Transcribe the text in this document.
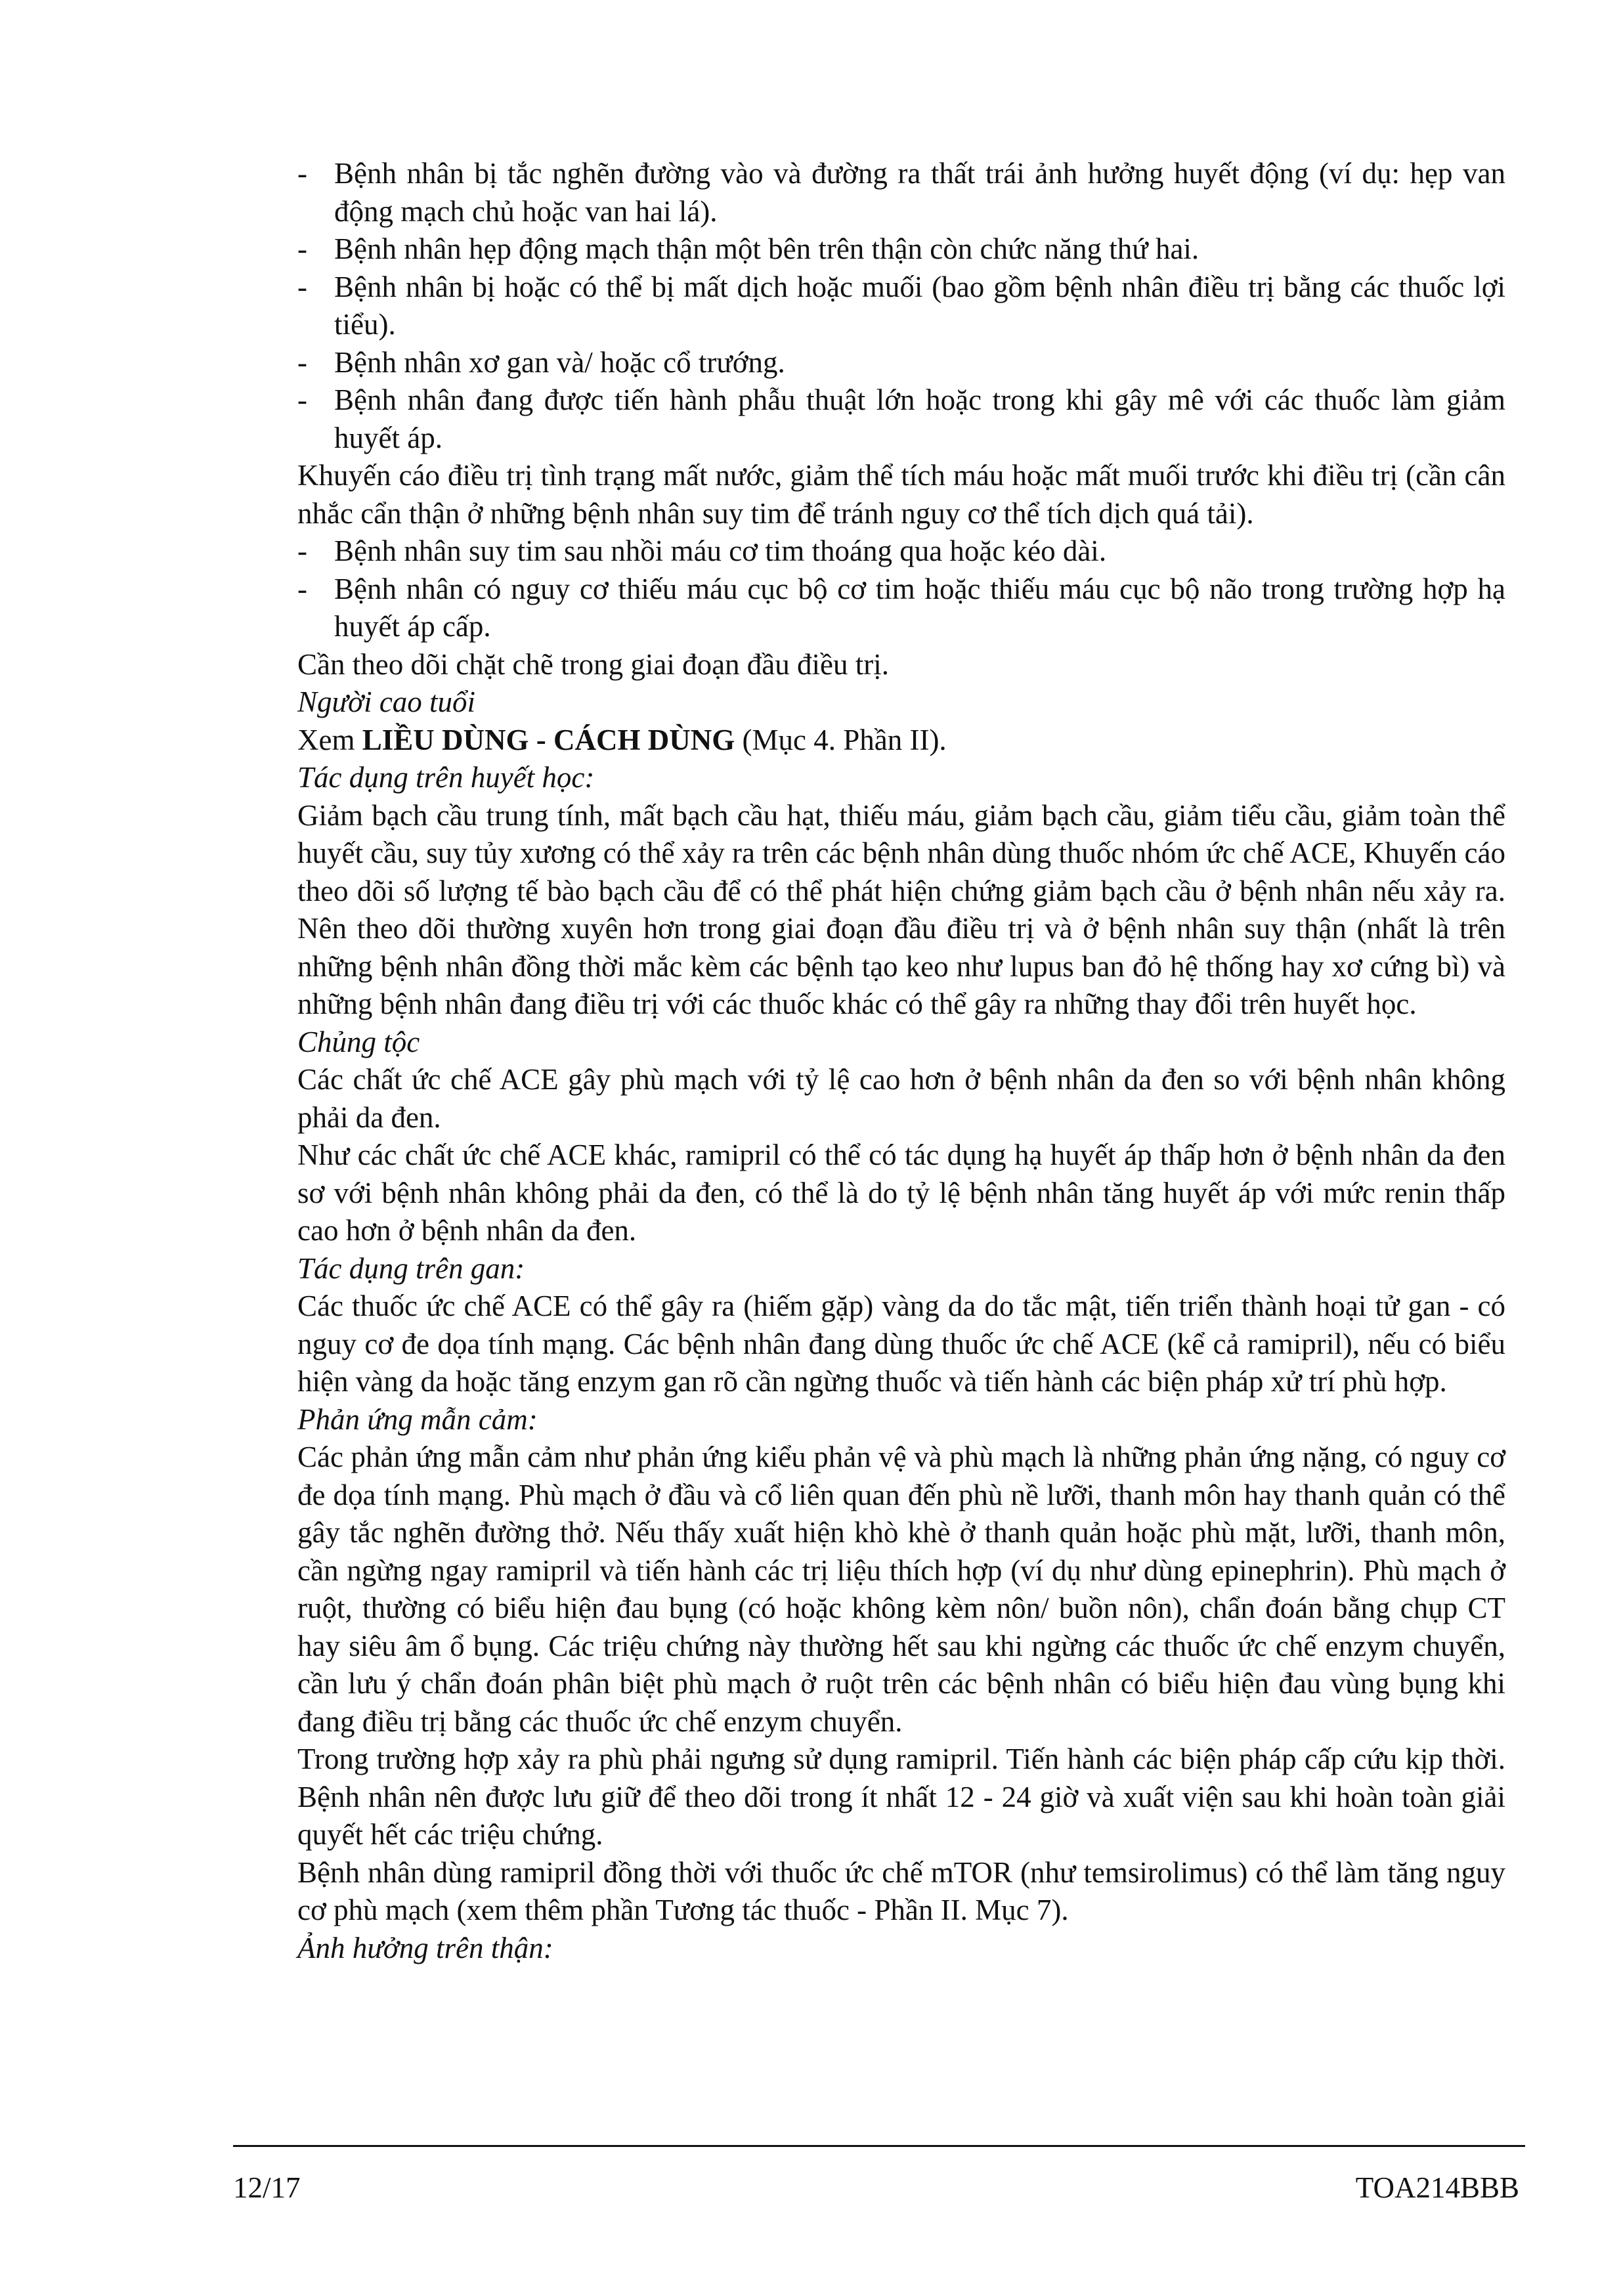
- Bệnh nhân bị tắc nghẽn đường vào và đường ra thất trái ảnh hưởng huyết động (ví dụ: hẹp van động mạch chủ hoặc van hai lá).
- Bệnh nhân hẹp động mạch thận một bên trên thận còn chức năng thứ hai.
- Bệnh nhân bị hoặc có thể bị mất dịch hoặc muối (bao gồm bệnh nhân điều trị bằng các thuốc lợi tiểu).
- Bệnh nhân xơ gan và/ hoặc cổ trướng.
- Bệnh nhân đang được tiến hành phẫu thuật lớn hoặc trong khi gây mê với các thuốc làm giảm huyết áp.

Khuyến cáo điều trị tình trạng mất nước, giảm thể tích máu hoặc mất muối trước khi điều trị (cần cân nhắc cẩn thận ở những bệnh nhân suy tim để tránh nguy cơ thể tích dịch quá tải).

- Bệnh nhân suy tim sau nhồi máu cơ tim thoáng qua hoặc kéo dài.
- Bệnh nhân có nguy cơ thiếu máu cục bộ cơ tim hoặc thiếu máu cục bộ não trong trường hợp hạ huyết áp cấp.

Cần theo dõi chặt chẽ trong giai đoạn đầu điều trị.

Người cao tuổi

Xem LIỀU DÙNG - CÁCH DÙNG (Mục 4. Phần II).

Tác dụng trên huyết học:

Giảm bạch cầu trung tính, mất bạch cầu hạt, thiếu máu, giảm bạch cầu, giảm tiểu cầu, giảm toàn thể huyết cầu, suy tủy xương có thể xảy ra trên các bệnh nhân dùng thuốc nhóm ức chế ACE, Khuyến cáo theo dõi số lượng tế bào bạch cầu để có thể phát hiện chứng giảm bạch cầu ở bệnh nhân nếu xảy ra. Nên theo dõi thường xuyên hơn trong giai đoạn đầu điều trị và ở bệnh nhân suy thận (nhất là trên những bệnh nhân đồng thời mắc kèm các bệnh tạo keo như lupus ban đỏ hệ thống hay xơ cứng bì) và những bệnh nhân đang điều trị với các thuốc khác có thể gây ra những thay đổi trên huyết học.

Chủng tộc

Các chất ức chế ACE gây phù mạch với tỷ lệ cao hơn ở bệnh nhân da đen so với bệnh nhân không phải da đen.

Như các chất ức chế ACE khác, ramipril có thể có tác dụng hạ huyết áp thấp hơn ở bệnh nhân da đen sơ với bệnh nhân không phải da đen, có thể là do tỷ lệ bệnh nhân tăng huyết áp với mức renin thấp cao hơn ở bệnh nhân da đen.

Tác dụng trên gan:

Các thuốc ức chế ACE có thể gây ra (hiếm gặp) vàng da do tắc mật, tiến triển thành hoại tử gan - có nguy cơ đe dọa tính mạng. Các bệnh nhân đang dùng thuốc ức chế ACE (kể cả ramipril), nếu có biểu hiện vàng da hoặc tăng enzym gan rõ cần ngừng thuốc và tiến hành các biện pháp xử trí phù hợp.

Phản ứng mẫn cảm:

Các phản ứng mẫn cảm như phản ứng kiểu phản vệ và phù mạch là những phản ứng nặng, có nguy cơ đe dọa tính mạng. Phù mạch ở đầu và cổ liên quan đến phù nề lưỡi, thanh môn hay thanh quản có thể gây tắc nghẽn đường thở. Nếu thấy xuất hiện khò khè ở thanh quản hoặc phù mặt, lưỡi, thanh môn, cần ngừng ngay ramipril và tiến hành các trị liệu thích hợp (ví dụ như dùng epinephrin). Phù mạch ở ruột, thường có biểu hiện đau bụng (có hoặc không kèm nôn/ buồn nôn), chẩn đoán bằng chụp CT hay siêu âm ổ bụng. Các triệu chứng này thường hết sau khi ngừng các thuốc ức chế enzym chuyển, cần lưu ý chẩn đoán phân biệt phù mạch ở ruột trên các bệnh nhân có biểu hiện đau vùng bụng khi đang điều trị bằng các thuốc ức chế enzym chuyển.

Trong trường hợp xảy ra phù phải ngưng sử dụng ramipril. Tiến hành các biện pháp cấp cứu kịp thời. Bệnh nhân nên được lưu giữ để theo dõi trong ít nhất 12 - 24 giờ và xuất viện sau khi hoàn toàn giải quyết hết các triệu chứng.

Bệnh nhân dùng ramipril đồng thời với thuốc ức chế mTOR (như temsirolimus) có thể làm tăng nguy cơ phù mạch (xem thêm phần Tương tác thuốc - Phần II. Mục 7).

Ảnh hưởng trên thận:

12/17	TOA214BBB
